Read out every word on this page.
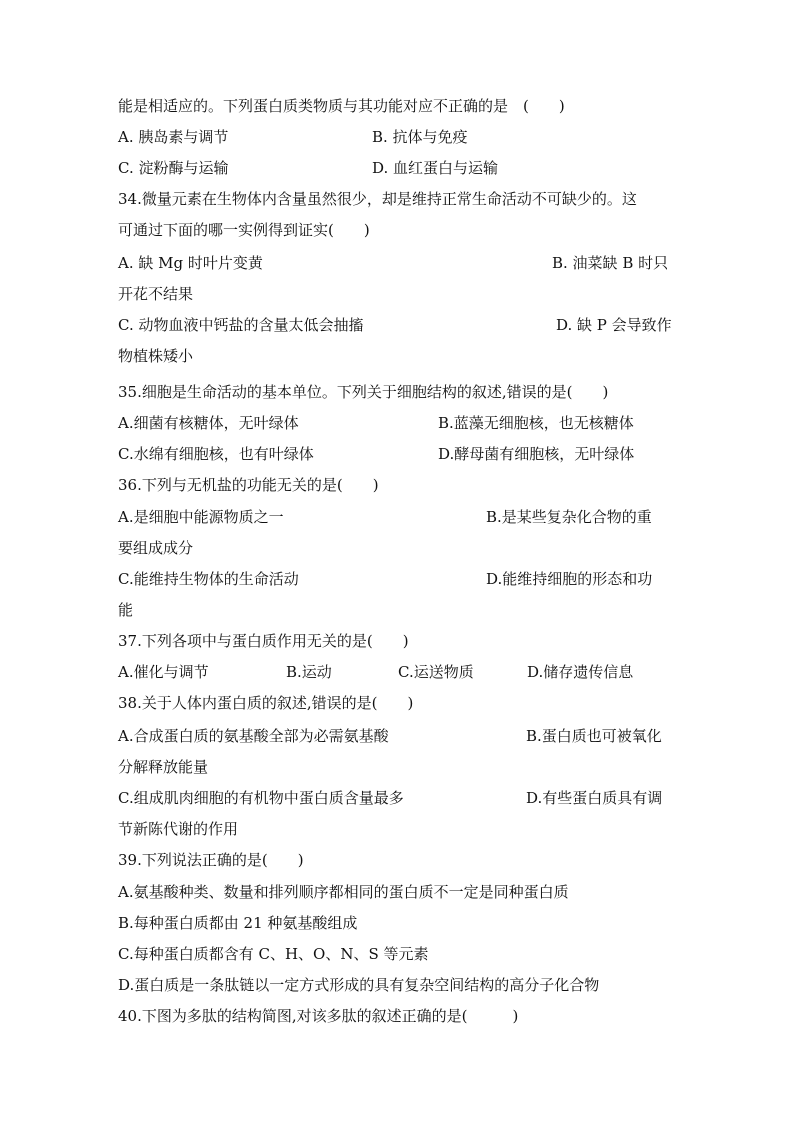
能是相适应的。下列蛋白质类物质与其功能对应不正确的是　(　　)
A. 胰岛素与调节	B. 抗体与免疫
C. 淀粉酶与运输	D. 血红蛋白与运输
34.微量元素在生物体内含量虽然很少，却是维持正常生命活动不可缺少的。这
可通过下面的哪一实例得到证实(　　)
A. 缺 Mg 时叶片变黄	B. 油菜缺 B 时只
开花不结果
C. 动物血液中钙盐的含量太低会抽搐	D. 缺 P 会导致作
物植株矮小
35.细胞是生命活动的基本单位。下列关于细胞结构的叙述,错误的是(　　)
A.细菌有核糖体，无叶绿体	B.蓝藻无细胞核，也无核糖体
C.水绵有细胞核，也有叶绿体	D.酵母菌有细胞核，无叶绿体
36.下列与无机盐的功能无关的是(　　)
A.是细胞中能源物质之一	B.是某些复杂化合物的重
要组成成分
C.能维持生物体的生命活动	D.能维持细胞的形态和功
能
37.下列各项中与蛋白质作用无关的是(　　)
A.催化与调节	B.运动	C.运送物质	D.储存遗传信息
38.关于人体内蛋白质的叙述,错误的是(　　)
A.合成蛋白质的氨基酸全部为必需氨基酸	B.蛋白质也可被氧化
分解释放能量
C.组成肌肉细胞的有机物中蛋白质含量最多	D.有些蛋白质具有调
节新陈代谢的作用
39.下列说法正确的是(　　)
A.氨基酸种类、数量和排列顺序都相同的蛋白质不一定是同种蛋白质
B.每种蛋白质都由 21 种氨基酸组成
C.每种蛋白质都含有 C、H、O、N、S 等元素
D.蛋白质是一条肽链以一定方式形成的具有复杂空间结构的高分子化合物
40.下图为多肽的结构简图,对该多肽的叙述正确的是(　　　)
